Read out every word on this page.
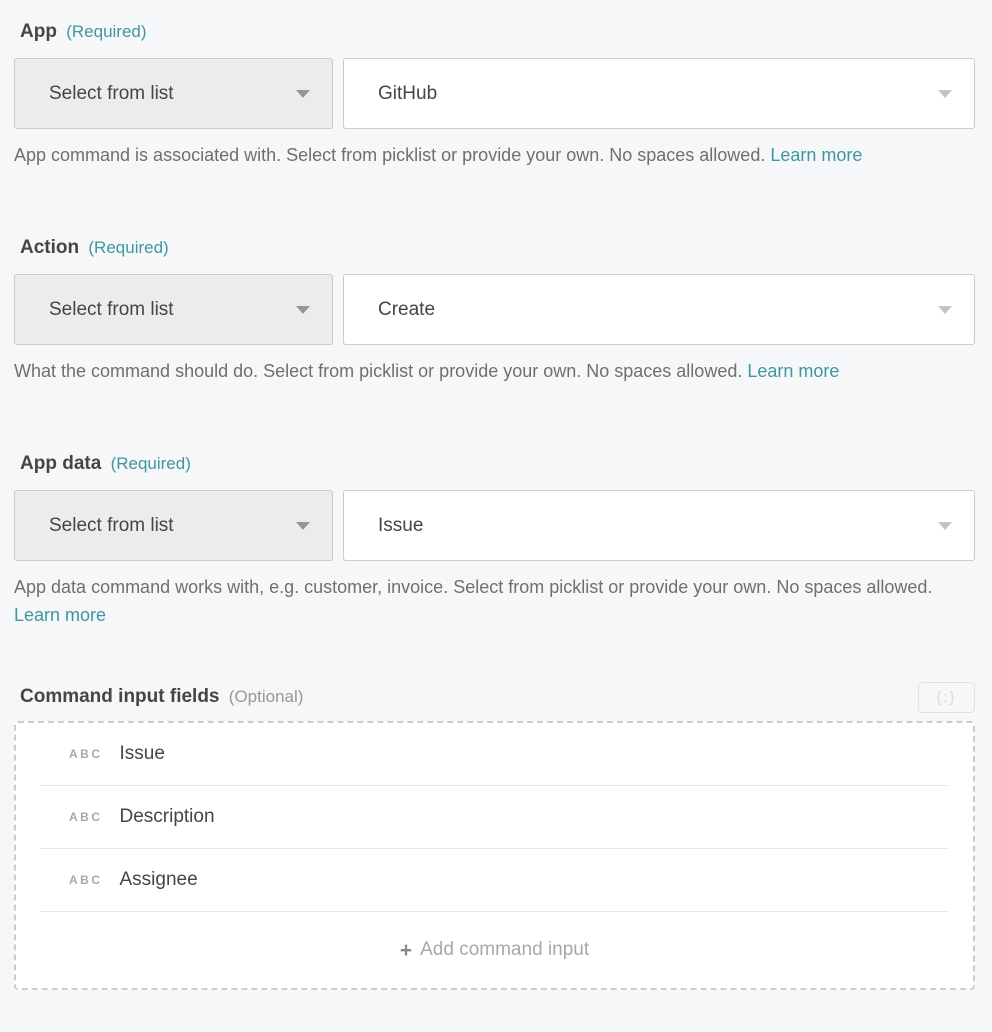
App (Required)
Select from list	GitHub

App command is associated with. Select from picklist or provide your own. No spaces allowed. Learn more

Action (Required)
Select from list	Create

What the command should do. Select from picklist or provide your own. No spaces allowed. Learn more

App data (Required)
Select from list	Issue

App data command works with, e.g. customer, invoice. Select from picklist or provide your own. No spaces allowed. Learn more

Command input fields (Optional)	{:}
ABC Issue
ABC Description
ABC Assignee
+ Add command input
